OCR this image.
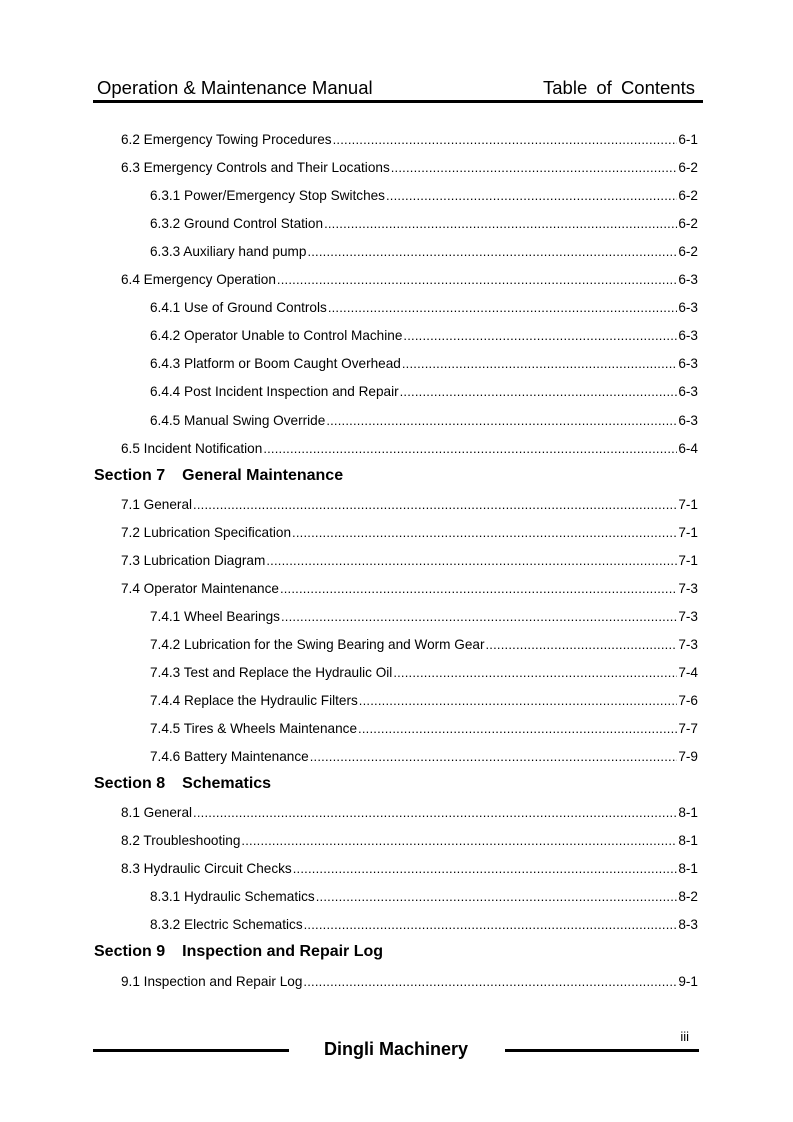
Operation & Maintenance Manual	Table of Contents
6.2 Emergency Towing Procedures .....	6-1
6.3 Emergency Controls and Their Locations .....	6-2
6.3.1 Power/Emergency Stop Switches .....	6-2
6.3.2 Ground Control Station .....	6-2
6.3.3 Auxiliary hand pump .....	6-2
6.4 Emergency Operation .....	6-3
6.4.1 Use of Ground Controls .....	6-3
6.4.2 Operator Unable to Control Machine .....	6-3
6.4.3 Platform or Boom Caught Overhead .....	6-3
6.4.4 Post Incident Inspection and Repair .....	6-3
6.4.5 Manual Swing Override .....	6-3
6.5 Incident Notification .....	6-4
Section 7 General Maintenance
7.1 General .....	7-1
7.2 Lubrication Specification .....	7-1
7.3 Lubrication Diagram .....	7-1
7.4 Operator Maintenance .....	7-3
7.4.1 Wheel Bearings .....	7-3
7.4.2 Lubrication for the Swing Bearing and Worm Gear .....	7-3
7.4.3 Test and Replace the Hydraulic Oil .....	7-4
7.4.4 Replace the Hydraulic Filters .....	7-6
7.4.5 Tires & Wheels Maintenance .....	7-7
7.4.6 Battery Maintenance .....	7-9
Section 8 Schematics
8.1 General .....	8-1
8.2 Troubleshooting .....	8-1
8.3 Hydraulic Circuit Checks .....	8-1
8.3.1 Hydraulic Schematics .....	8-2
8.3.2 Electric Schematics .....	8-3
Section 9 Inspection and Repair Log
9.1 Inspection and Repair Log .....	9-1
iii
Dingli Machinery
